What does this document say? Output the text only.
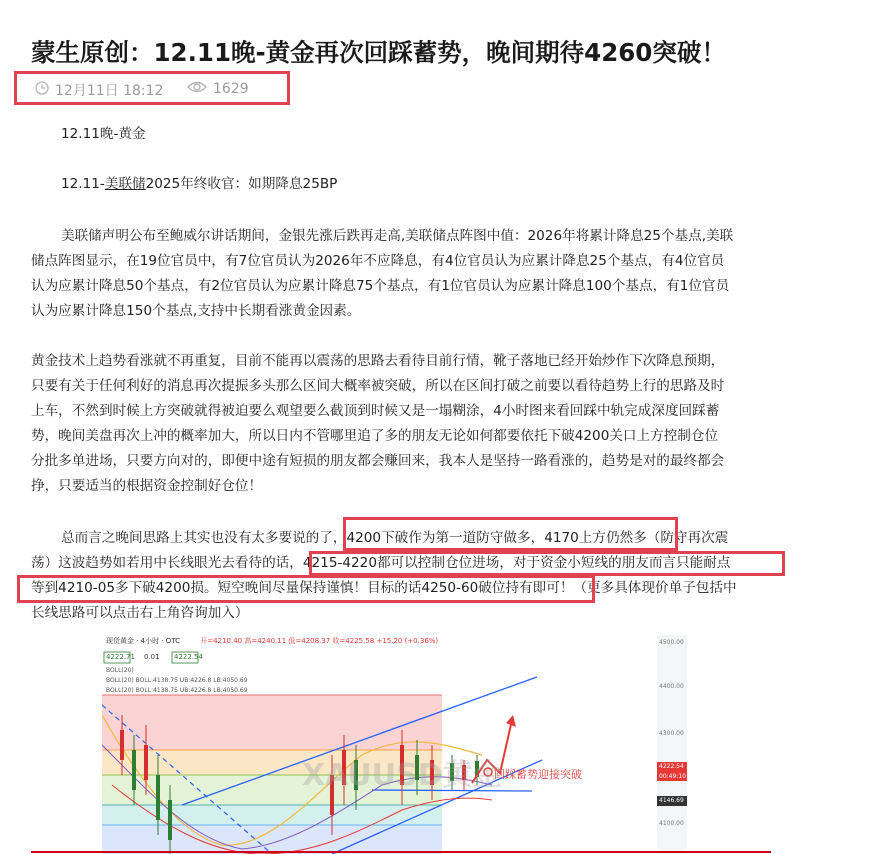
蒙生原创：12.11晚-黄金再次回踩蓄势，晚间期待4260突破！
12月11日 18:12	1629
12.11晚-黄金
12.11-美联储2025年终收官：如期降息25BP
美联储声明公布至鲍威尔讲话期间，金银先涨后跌再走高,美联储点阵图中值：2026年将累计降息25个基点,美联
储点阵图显示，在19位官员中，有7位官员认为2026年不应降息，有4位官员认为应累计降息25个基点，有4位官员
认为应累计降息50个基点，有2位官员认为应累计降息75个基点，有1位官员认为应累计降息100个基点，有1位官员
认为应累计降息150个基点,支持中长期看涨黄金因素。
黄金技术上趋势看涨就不再重复，目前不能再以震荡的思路去看待目前行情，靴子落地已经开始炒作下次降息预期，
只要有关于任何利好的消息再次提振多头那么区间大概率被突破，所以在区间打破之前要以看待趋势上行的思路及时
上车，不然到时候上方突破就得被迫要么观望要么截顶到时候又是一塌糊涂，4小时图来看回踩中轨完成深度回踩蓄
势，晚间美盘再次上冲的概率加大，所以日内不管哪里追了多的朋友无论如何都要依托下破4200关口上方控制仓位
分批多单进场，只要方向对的，即便中途有短损的朋友都会赚回来，我本人是坚持一路看涨的，趋势是对的最终都会
挣，只要适当的根据资金控制好仓位！
总而言之晚间思路上其实也没有太多要说的了，4200下破作为第一道防守做多，4170上方仍然多（防守再次震
荡）这波趋势如若用中长线眼光去看待的话，4215-4220都可以控制仓位进场，对于资金小短线的朋友而言只能耐点
等到4210-05多下破4200损。短空晚间尽量保持谨慎！目标的话4250-60破位持有即可！（更多具体现价单子包括中
长线思路可以点击右上角咨询加入）
现货黄金 · 4小时 · OTC	开=4210.40 高=4240.11 低=4208.37 收=4225.58 +15.20 (+0.36%)
4222.71 0.01 4222.54
BOLL(20)
BOLL(20) BOLL:4138.75 UB:4226.8 LB:4050.69
BOLL(20) BOLL:4138.75 UB:4226.8 LB:4050.69
4500.00
4400.00
4300.00
4222.54
00:49:10
4146.69
4100.00
回踩蓄势迎接突破
XAUUSD黄金
